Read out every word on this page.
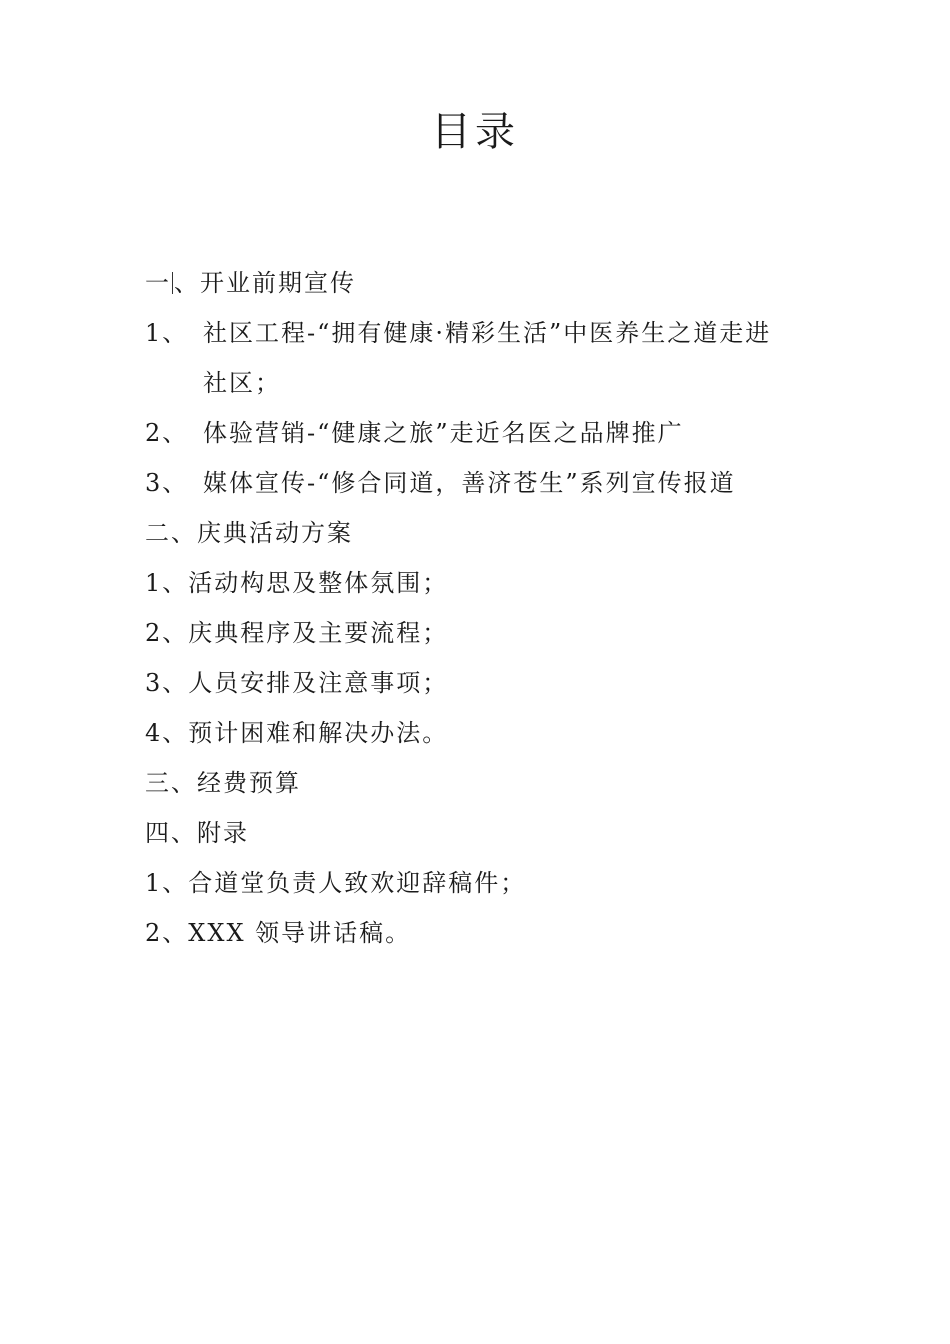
目录
一 、开业前期宣传
1、 社区工程-“拥有健康·精彩生活”中医养生之道走进
社区；
2、 体验营销-“健康之旅”走近名医之品牌推广
3、 媒体宣传-“修合同道，善济苍生”系列宣传报道
二、庆典活动方案
1、活动构思及整体氛围；
2、庆典程序及主要流程；
3、人员安排及注意事项；
4、预计困难和解决办法。
三、经费预算
四、附录
1、合道堂负责人致欢迎辞稿件；
2、XXX 领导讲话稿。
